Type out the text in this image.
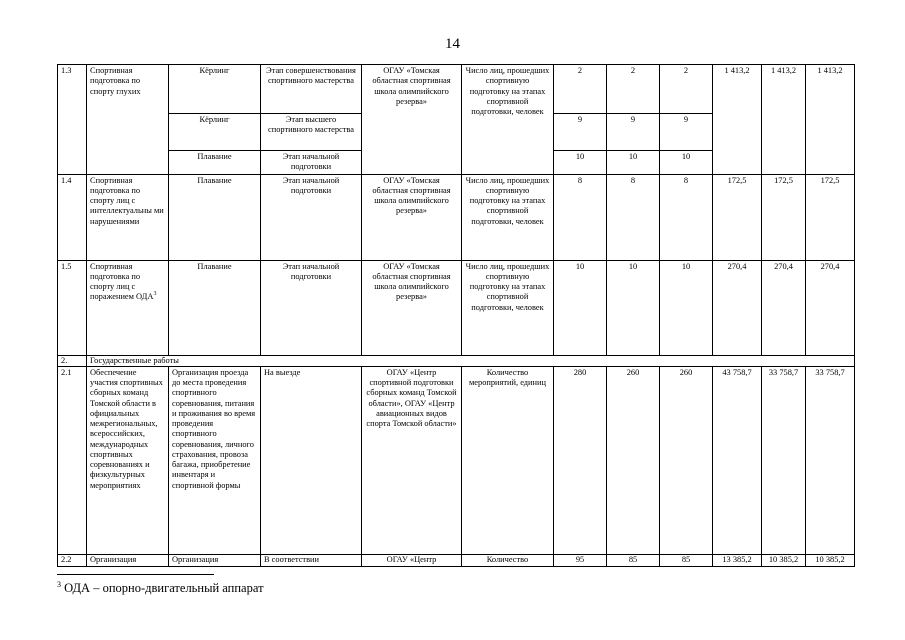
14
1.3	Спортивная подготовка по спорту глухих	Кёрлинг	Этап совершенствования спортивного мастерства	ОГАУ «Томская областная спортивная школа олимпийского резерва»	Число лиц, прошедших спортивную подготовку на этапах спортивной подготовки, человек	2	2	2	1 413,2	1 413,2	1 413,2
		Кёрлинг	Этап высшего спортивного мастерства			9	9	9			
		Плавание	Этап начальной подготовки			10	10	10			
1.4	Спортивная подготовка по спорту лиц с интеллектуальны ми нарушениями	Плавание	Этап начальной подготовки	ОГАУ «Томская областная спортивная школа олимпийского резерва»	Число лиц, прошедших спортивную подготовку на этапах спортивной подготовки, человек	8	8	8	172,5	172,5	172,5
1.5	Спортивная подготовка по спорту лиц с поражением ОДА$^3$	Плавание	Этап начальной подготовки	ОГАУ «Томская областная спортивная школа олимпийского резерва»	Число лиц, прошедших спортивную подготовку на этапах спортивной подготовки, человек	10	10	10	270,4	270,4	270,4
2.	Государственные работы										
2.1	Обеспечение участия спортивных сборных команд Томской области в официальных межрегиональных, всероссийских, международных спортивных соревнованиях и физкультурных мероприятиях	Организация проезда до места проведения спортивного соревнования, питания и проживания во время проведения спортивного соревнования, личного страхования, провоза багажа, приобретение инвентаря и спортивной формы	На выезде	ОГАУ «Центр спортивной подготовки сборных команд Томской области», ОГАУ «Центр авиационных видов спорта Томской области»	Количество мероприятий, единиц	280	260	260	43 758,7	33 758,7	33 758,7
2.2	Организация	Организация	В соответствии	ОГАУ «Центр	Количество	95	85	85	13 385,2	10 385,2	10 385,2
$^3$ ОДА – опорно-двигательный аппарат
